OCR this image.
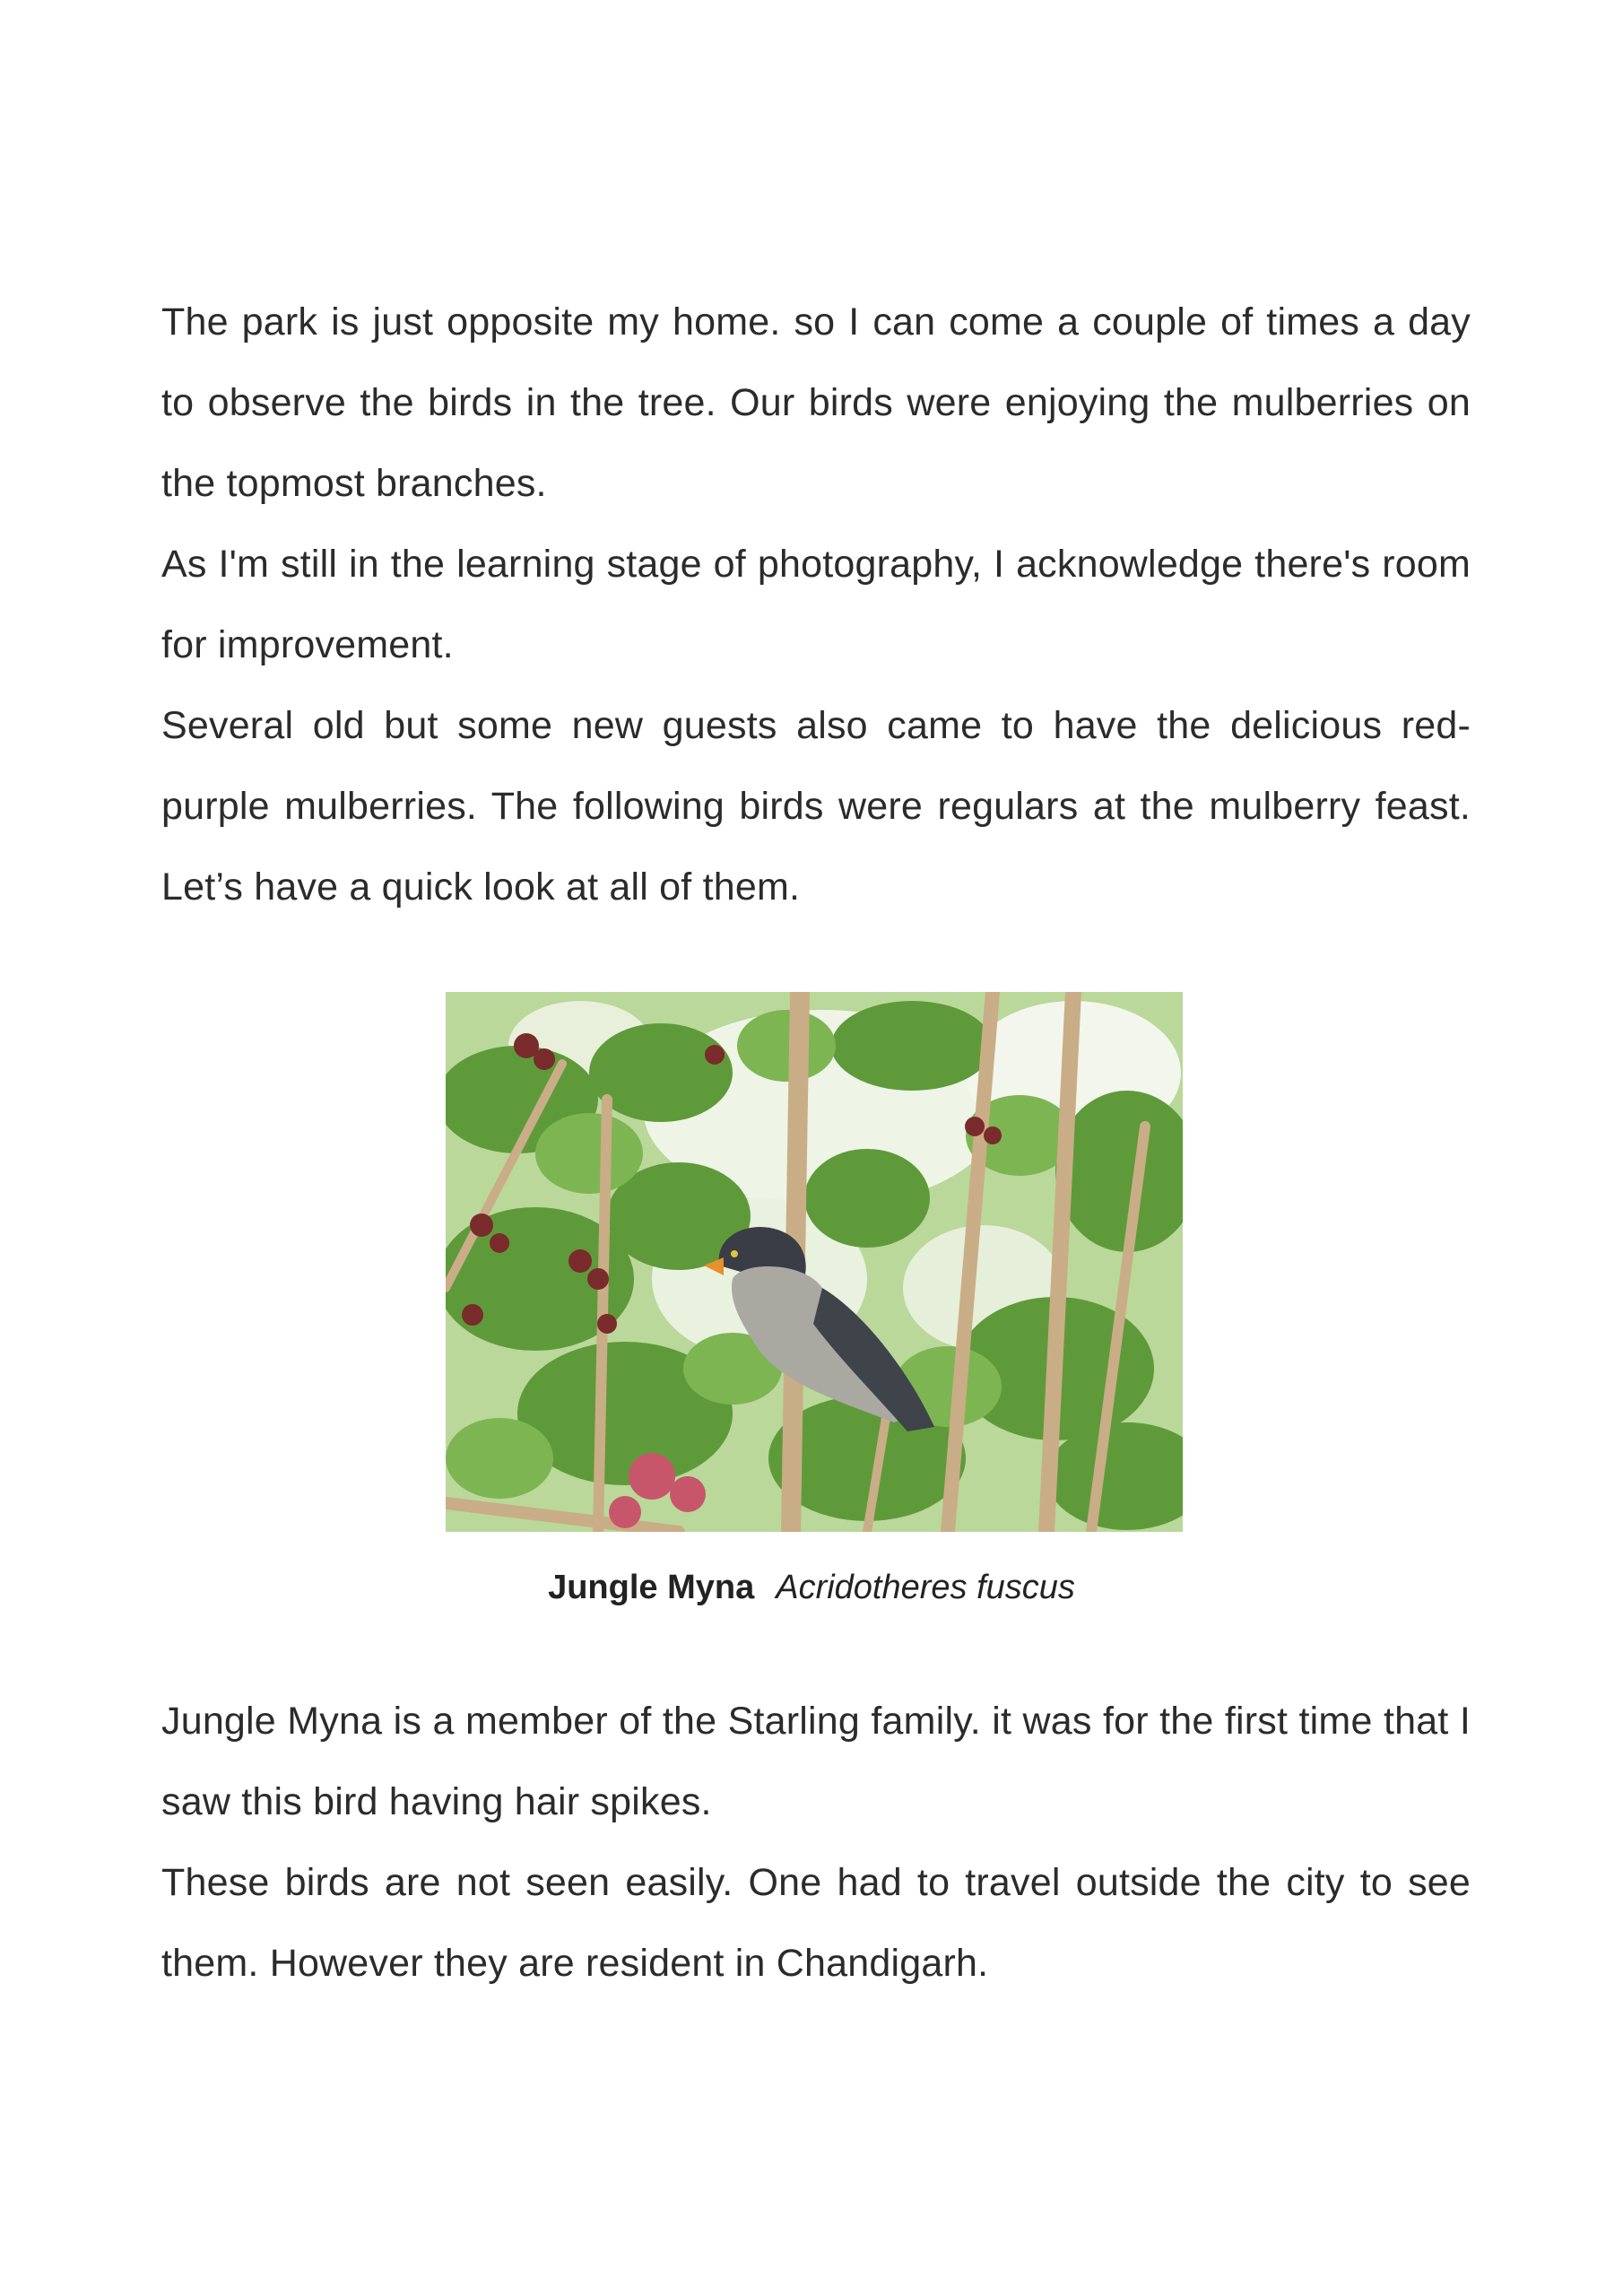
The park is just opposite my home. so I can come a couple of times a day to observe the birds in the tree. Our birds were enjoying the mulberries on the topmost branches.

As I'm still in the learning stage of photography, I acknowledge there's room for improvement.

Several old but some new guests also came to have the delicious red-purple mulberries. The following birds were regulars at the mulberry feast. Let’s have a quick look at all of them.

Jungle Myna Acridotheres fuscus

Jungle Myna is a member of the Starling family. it was for the first time that I saw this bird having hair spikes.

These birds are not seen easily. One had to travel outside the city to see them. However they are resident in Chandigarh.
